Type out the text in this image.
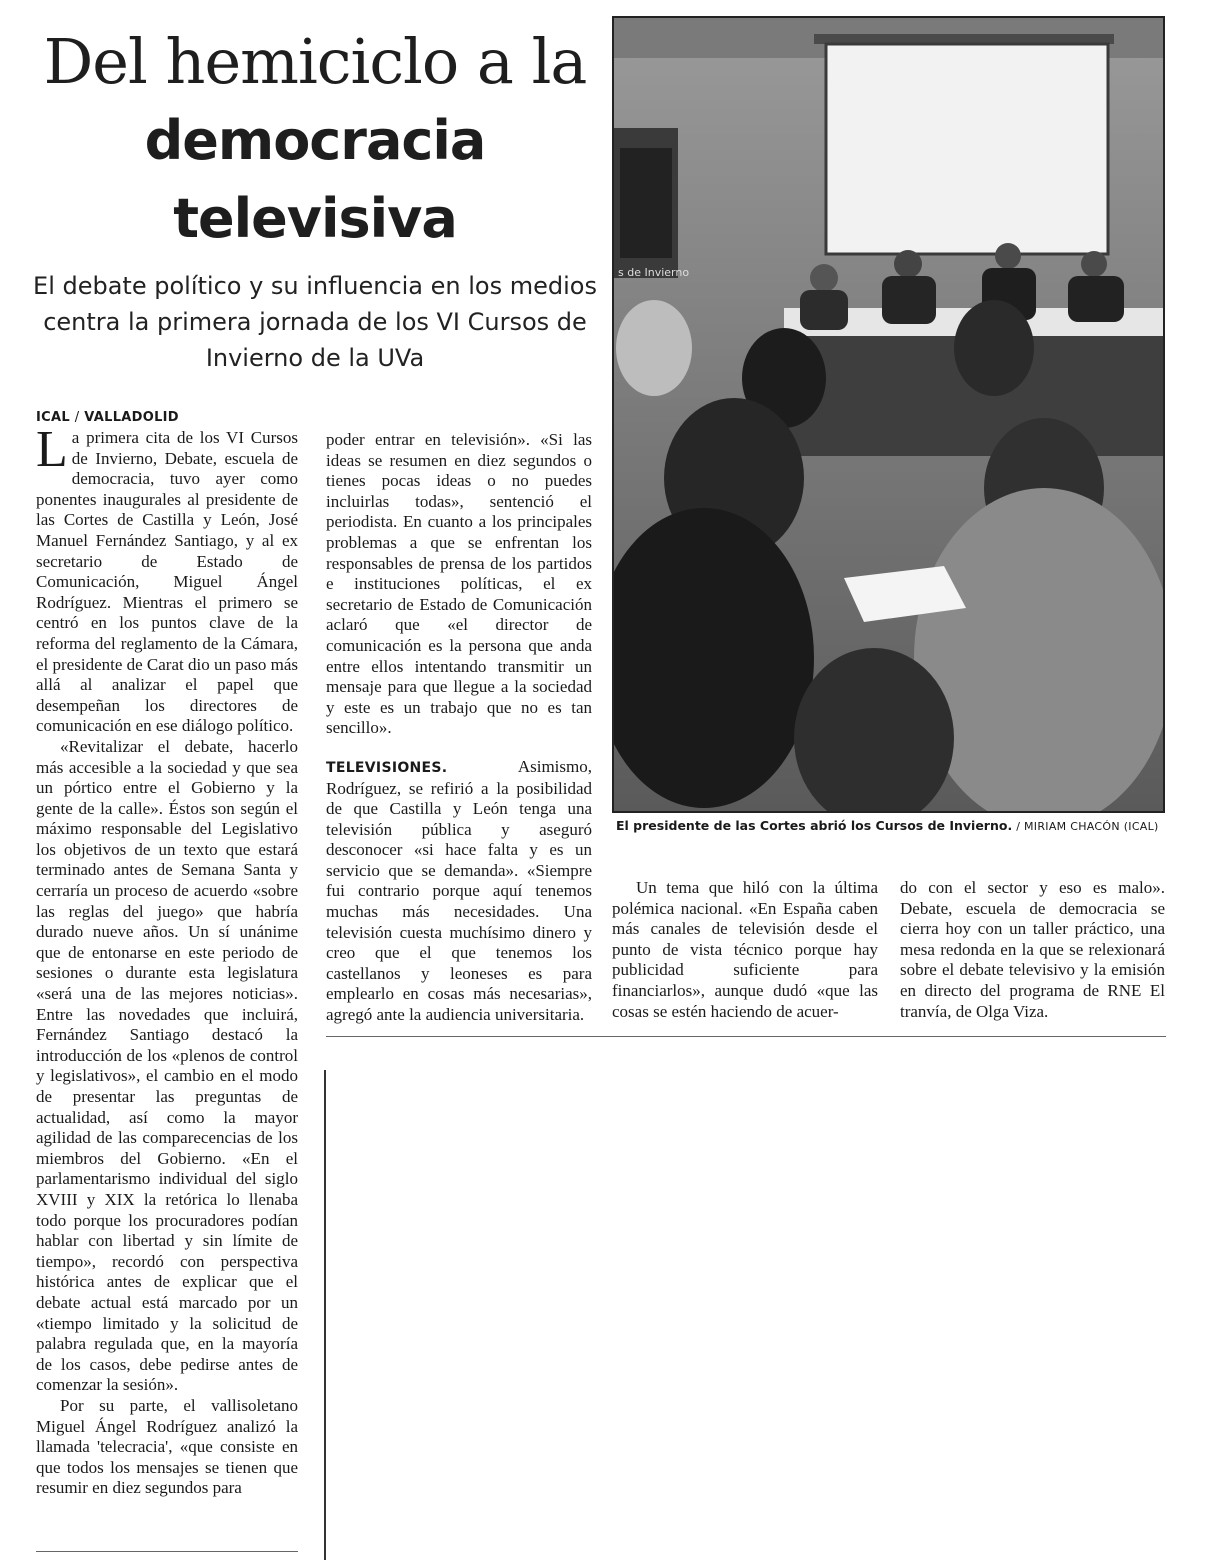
Del hemiciclo a la
democracia
televisiva
El debate político y su influencia en los medios centra la primera jornada de los VI Cursos de Invierno de la UVa
ICAL / VALLADOLID

La primera cita de los VI Cursos de Invierno, Debate, escuela de democracia, tuvo ayer como ponentes inaugurales al presidente de las Cortes de Castilla y León, José Manuel Fernández Santiago, y al ex secretario de Estado de Comunicación, Miguel Ángel Rodríguez. Mientras el primero se centró en los puntos clave de la reforma del reglamento de la Cámara, el presidente de Carat dio un paso más allá al analizar el papel que desempeñan los directores de comunicación en ese diálogo político.

«Revitalizar el debate, hacerlo más accesible a la sociedad y que sea un pórtico entre el Gobierno y la gente de la calle». Éstos son según el máximo responsable del Legislativo los objetivos de un texto que estará terminado antes de Semana Santa y cerraría un proceso de acuerdo «sobre las reglas del juego» que habría durado nueve años. Un sí unánime que de entonarse en este periodo de sesiones o durante esta legislatura «será una de las mejores noticias». Entre las novedades que incluirá, Fernández Santiago destacó la introducción de los «plenos de control y legislativos», el cambio en el modo de presentar las preguntas de actualidad, así como la mayor agilidad de las comparecencias de los miembros del Gobierno. «En el parlamentarismo individual del siglo XVIII y XIX la retórica lo llenaba todo porque los procuradores podían hablar con libertad y sin límite de tiempo», recordó con perspectiva histórica antes de explicar que el debate actual está marcado por un «tiempo limitado y la solicitud de palabra regulada que, en la mayoría de los casos, debe pedirse antes de comenzar la sesión».

Por su parte, el vallisoletano Miguel Ángel Rodríguez analizó la llamada 'telecracia', «que consiste en que todos los mensajes se tienen que resumir en diez segundos para

poder entrar en televisión». «Si las ideas se resumen en diez segundos o tienes pocas ideas o no puedes incluirlas todas», sentenció el periodista. En cuanto a los principales problemas a que se enfrentan los responsables de prensa de los partidos e instituciones políticas, el ex secretario de Estado de Comunicación aclaró que «el director de comunicación es la persona que anda entre ellos intentando transmitir un mensaje para que llegue a la sociedad y este es un trabajo que no es tan sencillo».

TELEVISIONES.	Asimismo, Rodríguez, se refirió a la posibilidad de que Castilla y León tenga una televisión pública y aseguró desconocer «si hace falta y es un servicio que se demanda». «Siempre fui contrario porque aquí tenemos muchas más necesidades. Una televisión cuesta muchísimo dinero y creo que el que tenemos los castellanos y leoneses es para emplearlo en cosas más necesarias», agregó ante la audiencia universitaria.

s de Invierno
El presidente de las Cortes abrió los Cursos de Invierno. / MIRIAM CHACÓN (ICAL)

Un tema que hiló con la última polémica nacional. «En España caben más canales de televisión desde el punto de vista técnico porque hay publicidad suficiente para financiarlos», aunque dudó «que las cosas se estén haciendo de acuer-

do con el sector y eso es malo». Debate, escuela de democracia se cierra hoy con un taller práctico, una mesa redonda en la que se relexionará sobre el debate televisivo y la emisión en directo del programa de RNE El tranvía, de Olga Viza.
